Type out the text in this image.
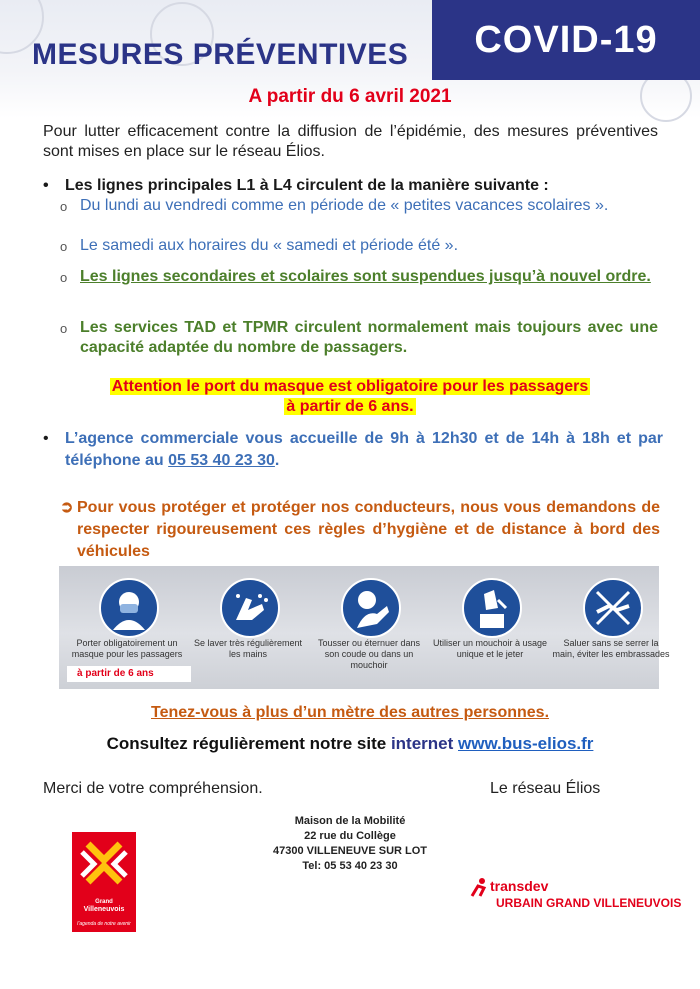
COVID-19
MESURES PRÉVENTIVES
A partir du 6 avril 2021
Pour lutter efficacement contre la diffusion de l’épidémie, des mesures préventives sont mises en place sur le réseau Élios.
•	Les lignes principales L1 à L4 circulent de la manière suivante :
o Du lundi au vendredi comme en période de « petites vacances scolaires ».
o Le samedi aux horaires du « samedi et période été ».
o Les lignes secondaires et scolaires sont suspendues jusqu’à nouvel ordre.
o Les services TAD et TPMR circulent normalement mais toujours avec une capacité adaptée du nombre de passagers.
Attention le port du masque est obligatoire pour les passagers
à partir de 6 ans.
• L’agence commerciale vous accueille de 9h à 12h30 et de 14h à 18h et par téléphone au 05 53 40 23 30.
➲ Pour vous protéger et protéger nos conducteurs, nous vous demandons de respecter rigoureusement ces règles d’hygiène et de distance à bord des véhicules
Porter obligatoirement un masque pour les passagers
à partir de 6 ans
Se laver très régulièrement les mains
Tousser ou éternuer dans son coude ou dans un mouchoir
Utiliser un mouchoir à usage unique et le jeter
Saluer sans se serrer la main, éviter les embrassades
Tenez-vous à plus d’un mètre des autres personnes.
Consultez régulièrement notre site internet www.bus-elios.fr
Merci de votre compréhension.	Le réseau Élios
Maison de la Mobilité
22 rue du Collège
47300 VILLENEUVE SUR LOT
Tel: 05 53 40 23 30
Grand
Villeneuvois
l’agenda de notre avenir
transdev
URBAIN GRAND VILLENEUVOIS
